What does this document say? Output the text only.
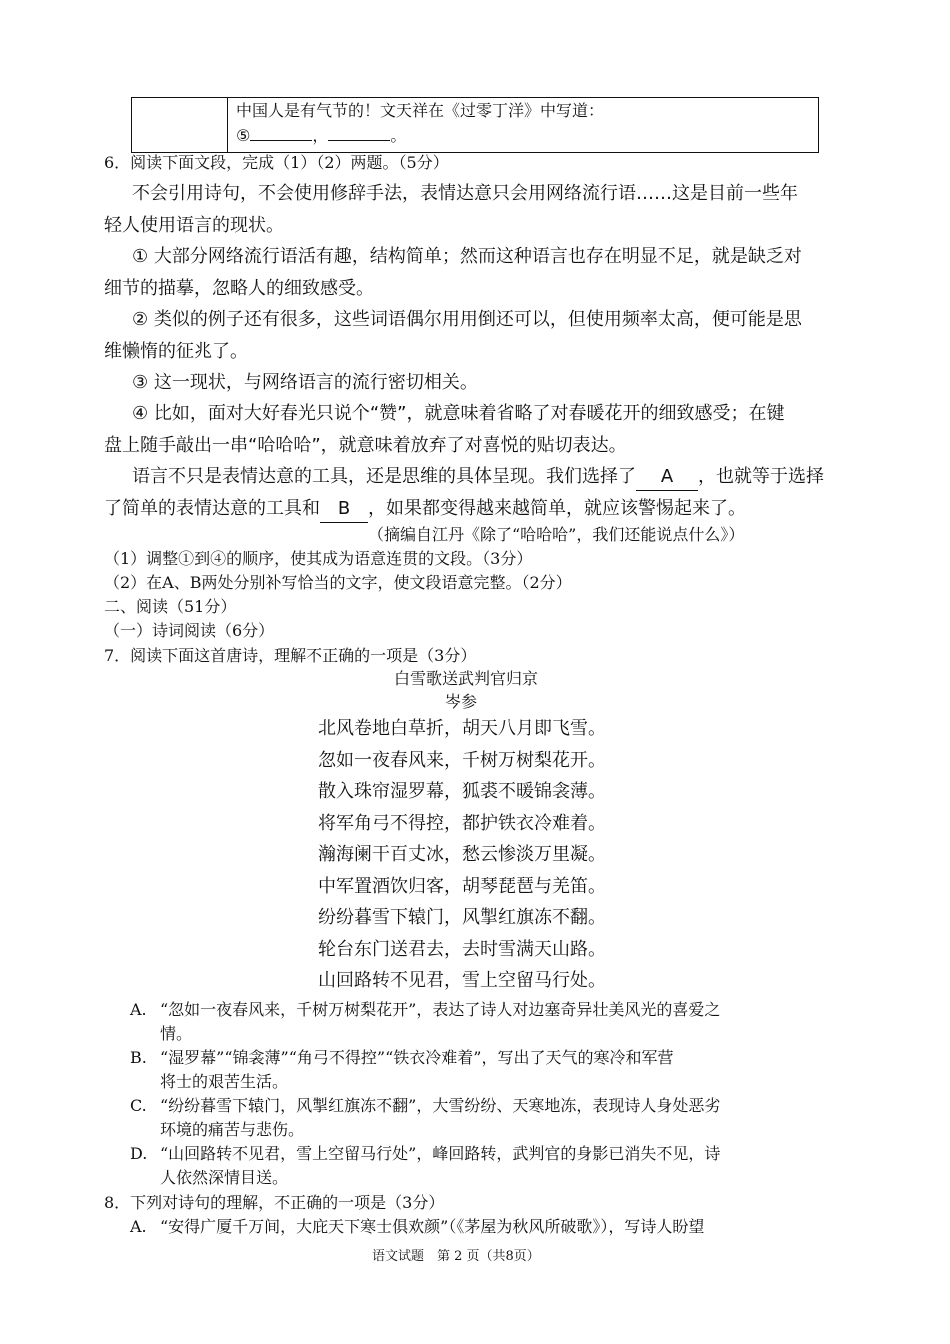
中国人是有气节的！文天祥在《过零丁洋》中写道：
⑤	，	。
6．阅读下面文段，完成（1）（2）两题。（5分）
不会引用诗句，不会使用修辞手法，表情达意只会用网络流行语……这是目前一些年
轻人使用语言的现状。
① 大部分网络流行语活有趣，结构简单；然而这种语言也存在明显不足，就是缺乏对
细节的描摹，忽略人的细致感受。
② 类似的例子还有很多，这些词语偶尔用用倒还可以，但使用频率太高，便可能是思
维懒惰的征兆了。
③ 这一现状，与网络语言的流行密切相关。
④ 比如，面对大好春光只说个“赞”，就意味着省略了对春暖花开的细致感受；在键
盘上随手敲出一串“哈哈哈”，就意味着放弃了对喜悦的贴切表达。
语言不只是表情达意的工具，还是思维的具体呈现。我们选择了 A ，也就等于选择
了简单的表情达意的工具和 B ，如果都变得越来越简单，就应该警惕起来了。
（摘编自江丹《除了“哈哈哈”，我们还能说点什么》）
（1）调整①到④的顺序，使其成为语意连贯的文段。（3分）
（2）在A、B两处分别补写恰当的文字，使文段语意完整。（2分）
二、阅读（51分）
（一）诗词阅读（6分）
7．阅读下面这首唐诗，理解不正确的一项是（3分）
白雪歌送武判官归京
岑参
北风卷地白草折，胡天八月即飞雪。
忽如一夜春风来，千树万树梨花开。
散入珠帘湿罗幕，狐裘不暖锦衾薄。
将军角弓不得控，都护铁衣冷难着。
瀚海阑干百丈冰，愁云惨淡万里凝。
中军置酒饮归客，胡琴琵琶与羌笛。
纷纷暮雪下辕门，风掣红旗冻不翻。
轮台东门送君去，去时雪满天山路。
山回路转不见君，雪上空留马行处。
A. “忽如一夜春风来，千树万树梨花开”，表达了诗人对边塞奇异壮美风光的喜爱之
情。
B. “湿罗幕”“锦衾薄”“角弓不得控”“铁衣冷难着”，写出了天气的寒冷和军营
将士的艰苦生活。
C. “纷纷暮雪下辕门，风掣红旗冻不翻”，大雪纷纷、天寒地冻，表现诗人身处恶劣
环境的痛苦与悲伤。
D. “山回路转不见君，雪上空留马行处”，峰回路转，武判官的身影已消失不见，诗
人依然深情目送。
8．下列对诗句的理解，不正确的一项是（3分）
A. “安得广厦千万间，大庇天下寒士俱欢颜”（《茅屋为秋风所破歌》），写诗人盼望
语文试题　第 2 页（共8页）
